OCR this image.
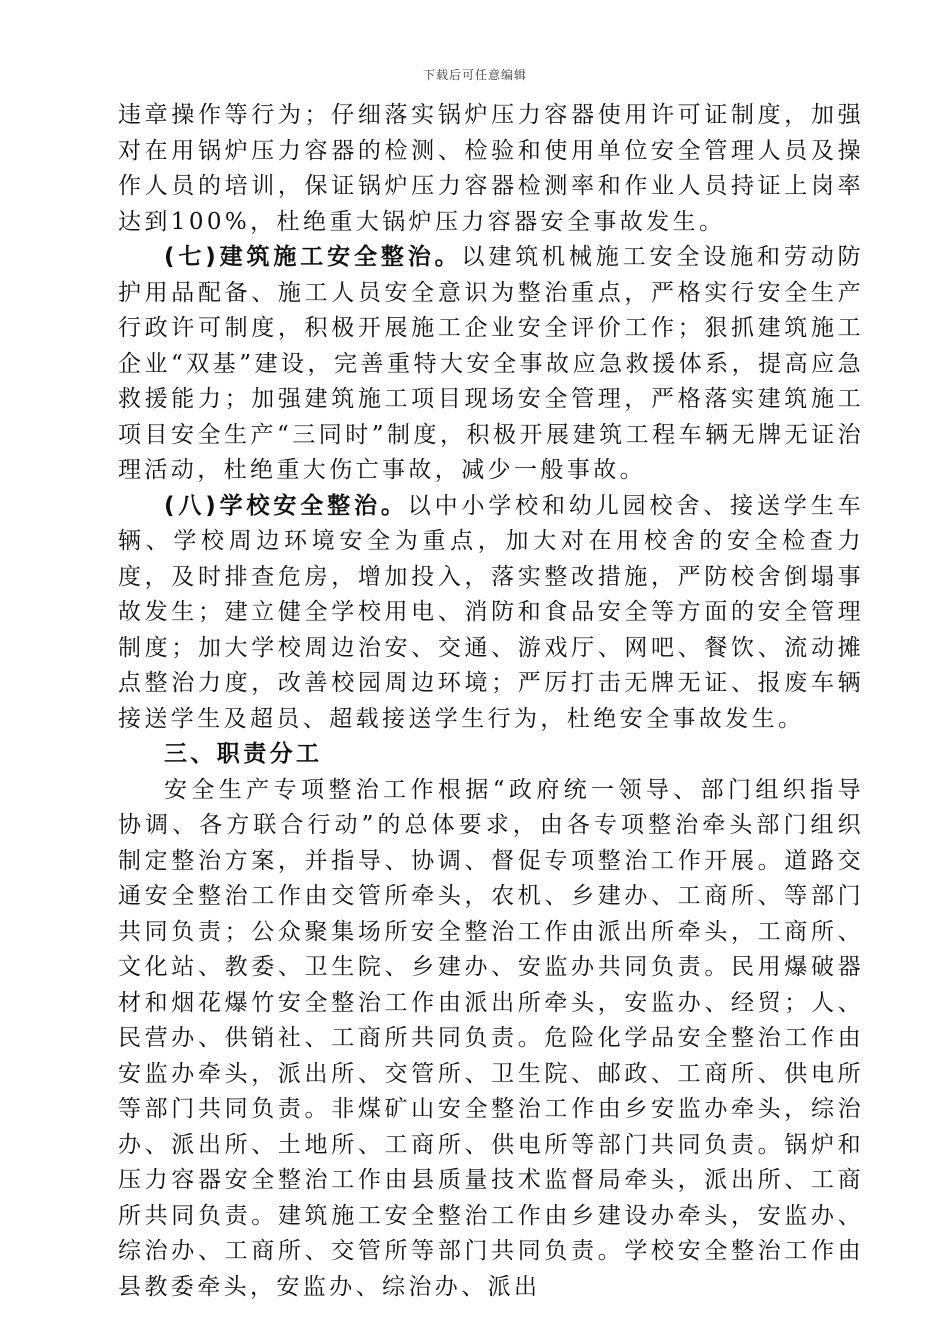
下载后可任意编辑

违章操作等行为；仔细落实锅炉压力容器使用许可证制度，加强对在用锅炉压力容器的检测、检验和使用单位安全管理人员及操作人员的培训，保证锅炉压力容器检测率和作业人员持证上岗率达到100%，杜绝重大锅炉压力容器安全事故发生。

(七)建筑施工安全整治。以建筑机械施工安全设施和劳动防护用品配备、施工人员安全意识为整治重点，严格实行安全生产行政许可制度，积极开展施工企业安全评价工作；狠抓建筑施工企业“双基”建设，完善重特大安全事故应急救援体系，提高应急救援能力；加强建筑施工项目现场安全管理，严格落实建筑施工项目安全生产“三同时”制度，积极开展建筑工程车辆无牌无证治理活动，杜绝重大伤亡事故，减少一般事故。

(八)学校安全整治。以中小学校和幼儿园校舍、接送学生车辆、学校周边环境安全为重点，加大对在用校舍的安全检查力度，及时排查危房，增加投入，落实整改措施，严防校舍倒塌事故发生；建立健全学校用电、消防和食品安全等方面的安全管理制度；加大学校周边治安、交通、游戏厅、网吧、餐饮、流动摊点整治力度，改善校园周边环境；严厉打击无牌无证、报废车辆接送学生及超员、超载接送学生行为，杜绝安全事故发生。

三、职责分工

安全生产专项整治工作根据“政府统一领导、部门组织指导协调、各方联合行动”的总体要求，由各专项整治牵头部门组织制定整治方案，并指导、协调、督促专项整治工作开展。道路交通安全整治工作由交管所牵头，农机、乡建办、工商所、等部门共同负责；公众聚集场所安全整治工作由派出所牵头，工商所、文化站、教委、卫生院、乡建办、安监办共同负责。民用爆破器材和烟花爆竹安全整治工作由派出所牵头，安监办、经贸；人、民营办、供销社、工商所共同负责。危险化学品安全整治工作由安监办牵头，派出所、交管所、卫生院、邮政、工商所、供电所等部门共同负责。非煤矿山安全整治工作由乡安监办牵头，综治办、派出所、土地所、工商所、供电所等部门共同负责。锅炉和压力容器安全整治工作由县质量技术监督局牵头，派出所、工商所共同负责。建筑施工安全整治工作由乡建设办牵头，安监办、综治办、工商所、交管所等部门共同负责。学校安全整治工作由县教委牵头，安监办、综治办、派出
